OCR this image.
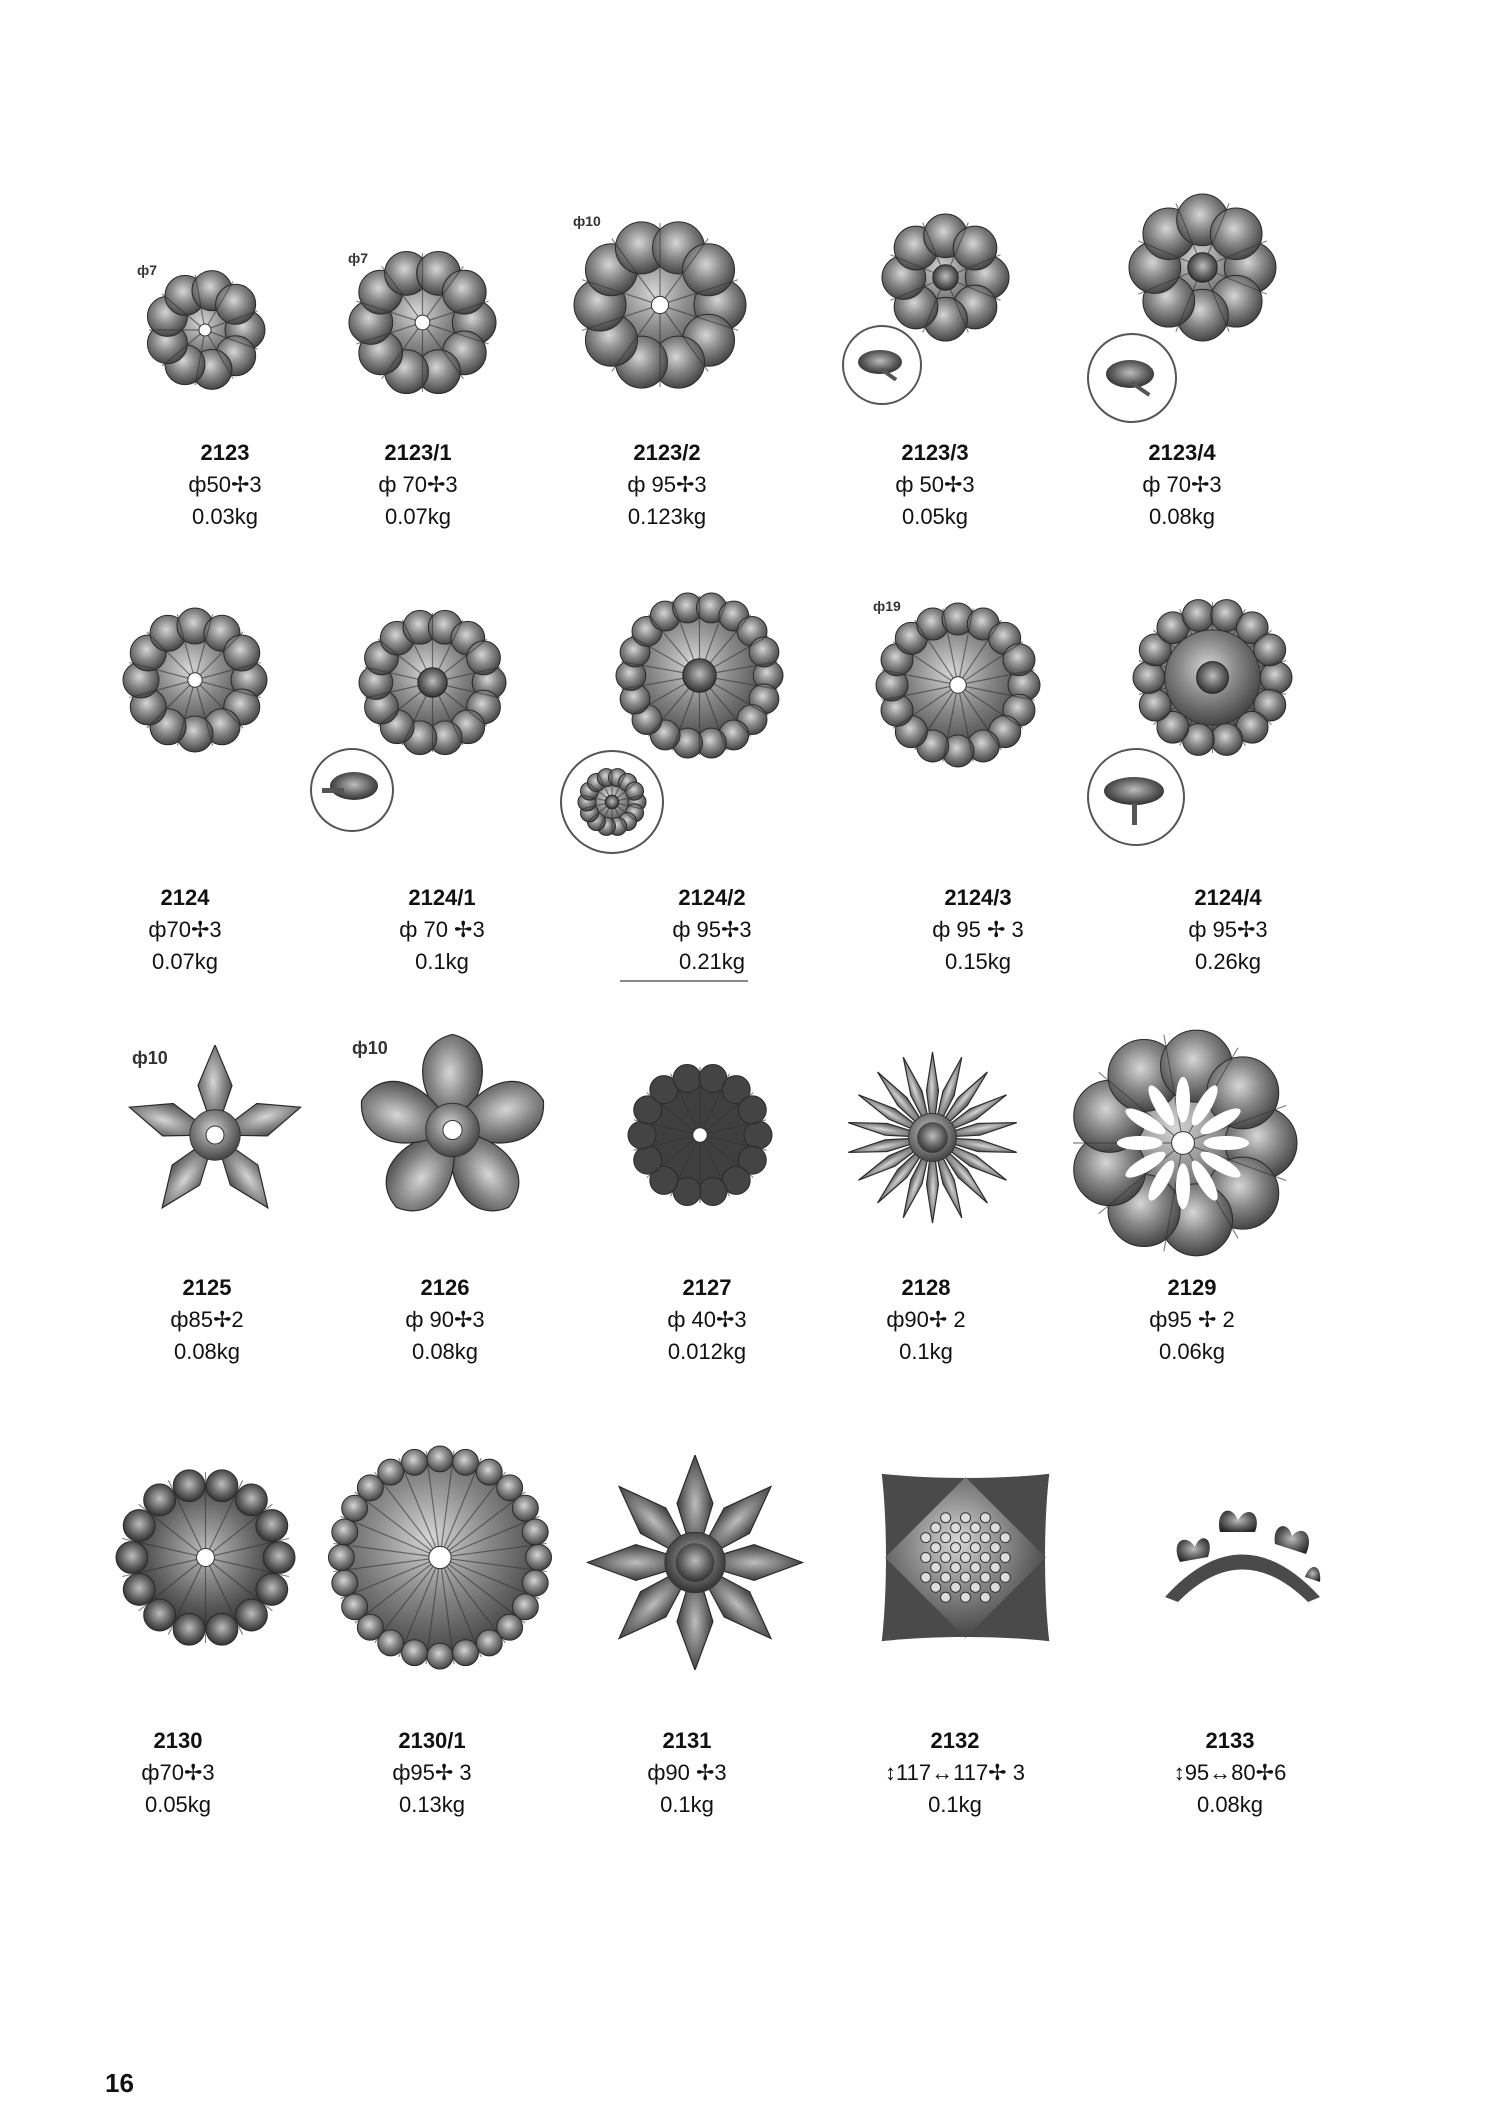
ф7
2123
ф50✢3
0.03kg
ф7
2123/1
ф 70✢3
0.07kg
ф10
2123/2
ф 95✢3
0.123kg
2123/3
ф 50✢3
0.05kg
2123/4
ф 70✢3
0.08kg
2124
ф70✢3
0.07kg
2124/1
ф 70 ✢3
0.1kg
2124/2
ф 95✢3
0.21kg
ф19
2124/3
ф 95 ✢ 3
0.15kg
2124/4
ф 95✢3
0.26kg
ф10
2125
ф85✢2
0.08kg
ф10
2126
ф 90✢3
0.08kg
2127
ф 40✢3
0.012kg
2128
ф90✢ 2
0.1kg
2129
ф95 ✢ 2
0.06kg
2130
ф70✢3
0.05kg
2130/1
ф95✢ 3
0.13kg
2131
ф90 ✢3
0.1kg
2132
↕117↔117✢ 3
0.1kg
2133
↕95↔80✢6
0.08kg
16
